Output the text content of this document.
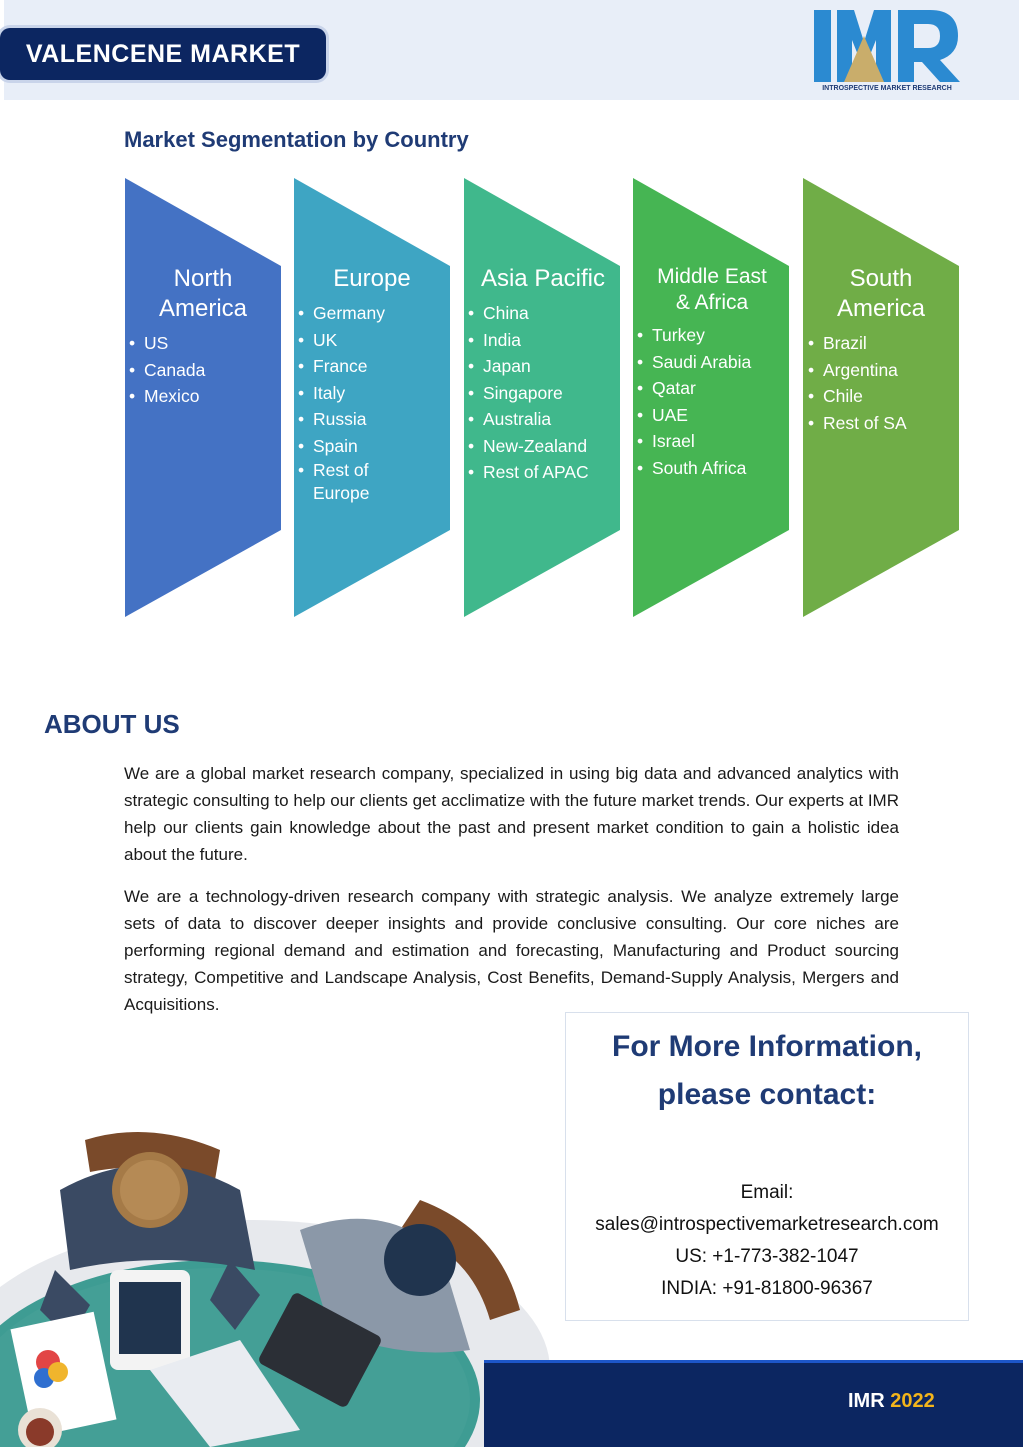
VALENCENE MARKET
INTROSPECTIVE MARKET RESEARCH
Market Segmentation by Country
North
America
• US
• Canada
• Mexico
Europe
• Germany
• UK
• France
• Italy
• Russia
• Spain
• Rest of Europe
Asia Pacific
• China
• India
• Japan
• Singapore
• Australia
• New-Zealand
• Rest of APAC
Middle East
& Africa
• Turkey
• Saudi Arabia
• Qatar
• UAE
• Israel
• South Africa
South
America
• Brazil
• Argentina
• Chile
• Rest of SA
ABOUT US

We are a global market research company, specialized in using big data and advanced analytics with strategic consulting to help our clients get acclimatize with the future market trends. Our experts at IMR help our clients gain knowledge about the past and present market condition to gain a holistic idea about the future.

We are a technology-driven research company with strategic analysis. We analyze extremely large sets of data to discover deeper insights and provide conclusive consulting. Our core niches are performing regional demand and estimation and forecasting, Manufacturing and Product sourcing strategy, Competitive and Landscape Analysis, Cost Benefits, Demand-Supply Analysis, Mergers and Acquisitions.

For More Information,
please contact:
Email:
sales@introspectivemarketresearch.com
US: +1-773-382-1047
INDIA: +91-81800-96367
IMR 2022
